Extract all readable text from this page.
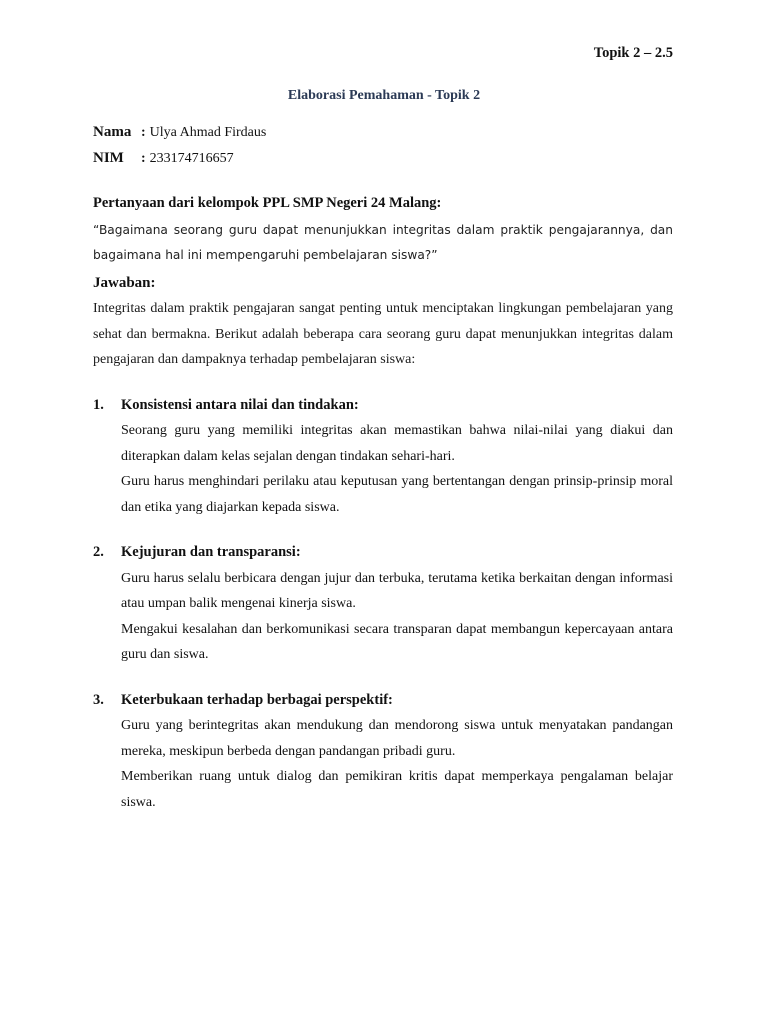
Topik 2 – 2.5
Elaborasi Pemahaman - Topik 2
Nama : Ulya Ahmad Firdaus
NIM	: 233174716657
Pertanyaan dari kelompok PPL SMP Negeri 24 Malang:
“Bagaimana seorang guru dapat menunjukkan integritas dalam praktik pengajarannya, dan bagaimana hal ini mempengaruhi pembelajaran siswa?”
Jawaban:
Integritas dalam praktik pengajaran sangat penting untuk menciptakan lingkungan pembelajaran yang sehat dan bermakna. Berikut adalah beberapa cara seorang guru dapat menunjukkan integritas dalam pengajaran dan dampaknya terhadap pembelajaran siswa:
1.	Konsistensi antara nilai dan tindakan:

Seorang guru yang memiliki integritas akan memastikan bahwa nilai-nilai yang diakui dan diterapkan dalam kelas sejalan dengan tindakan sehari-hari.

Guru harus menghindari perilaku atau keputusan yang bertentangan dengan prinsip-prinsip moral dan etika yang diajarkan kepada siswa.

2.	Kejujuran dan transparansi:

Guru harus selalu berbicara dengan jujur dan terbuka, terutama ketika berkaitan dengan informasi atau umpan balik mengenai kinerja siswa.

Mengakui kesalahan dan berkomunikasi secara transparan dapat membangun kepercayaan antara guru dan siswa.

3.	Keterbukaan terhadap berbagai perspektif:

Guru yang berintegritas akan mendukung dan mendorong siswa untuk menyatakan pandangan mereka, meskipun berbeda dengan pandangan pribadi guru.

Memberikan ruang untuk dialog dan pemikiran kritis dapat memperkaya pengalaman belajar siswa.
